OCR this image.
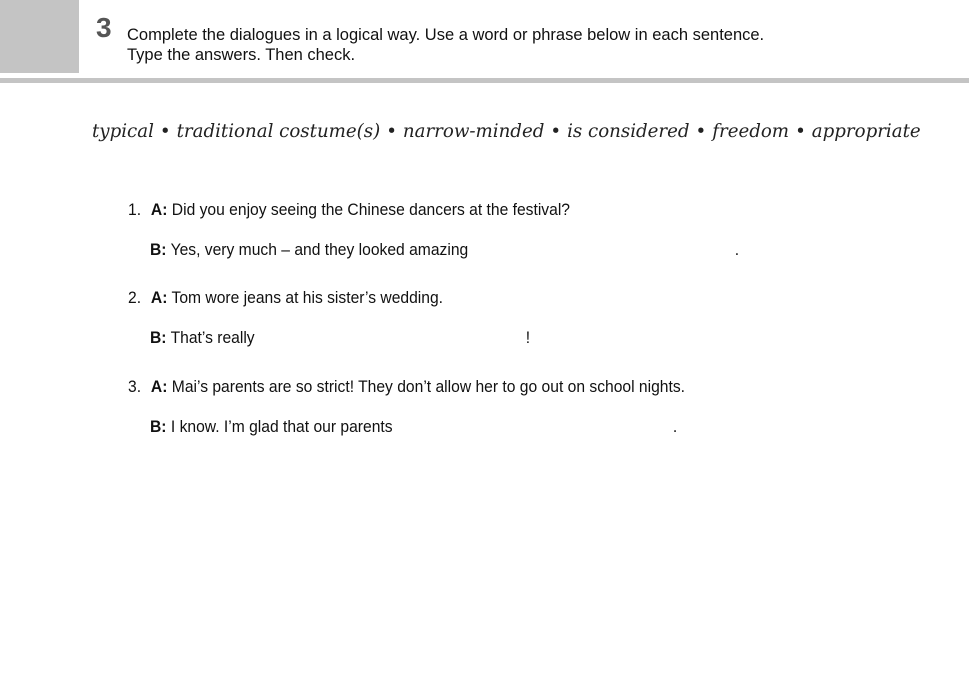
3 Complete the dialogues in a logical way. Use a word or phrase below in each sentence.
Type the answers. Then check.
typical • traditional costume(s) • narrow-minded • is considered • freedom • appropriate
1. A: Did you enjoy seeing the Chinese dancers at the festival?
B: Yes, very much – and they looked amazing	.
2. A: Tom wore jeans at his sister’s wedding.
B: That’s really	!
3. A: Mai’s parents are so strict! They don’t allow her to go out on school nights.
B: I know. I’m glad that our parents	.
